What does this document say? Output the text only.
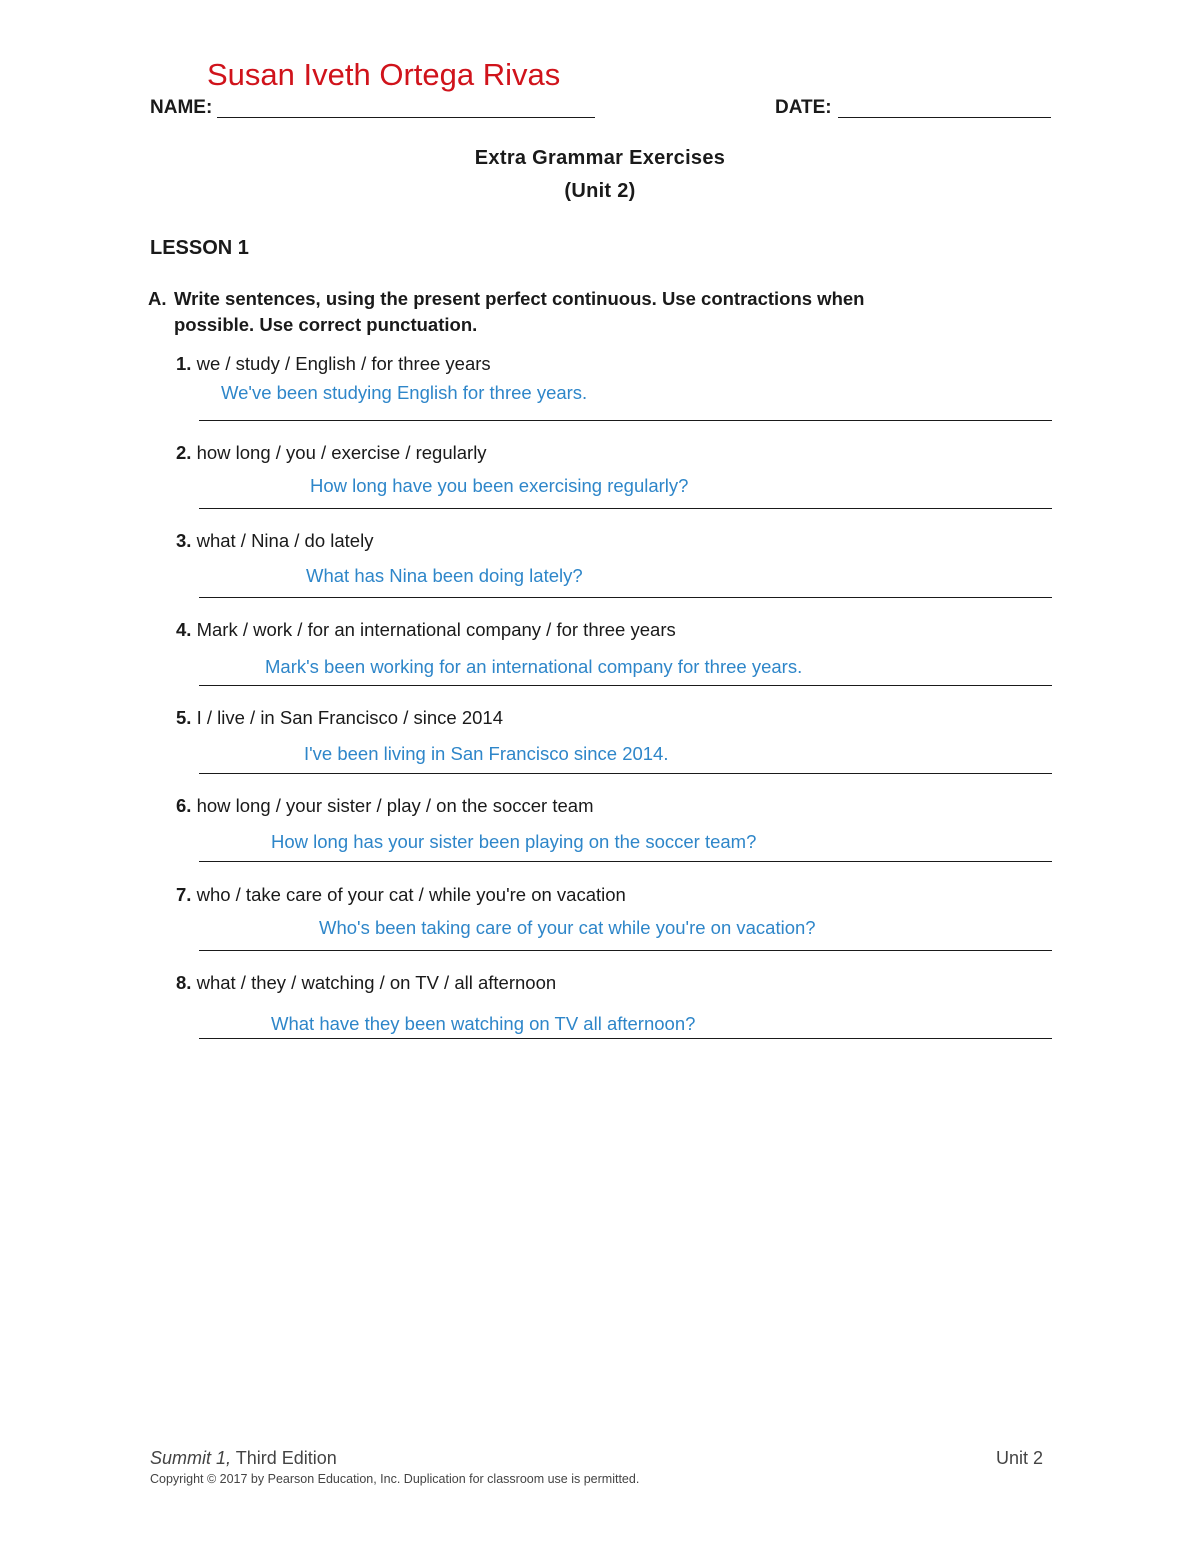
Susan Iveth Ortega Rivas
NAME:	DATE:
Extra Grammar Exercises
(Unit 2)
LESSON 1
A. Write sentences, using the present perfect continuous. Use contractions when
possible. Use correct punctuation.
1. we / study / English / for three years
We've been studying English for three years.
2. how long / you / exercise / regularly
How long have you been exercising regularly?
3. what / Nina / do lately
What has Nina been doing lately?
4. Mark / work / for an international company / for three years
Mark's been working for an international company for three years.
5. I / live / in San Francisco / since 2014
I've been living in San Francisco since 2014.
6. how long / your sister / play / on the soccer team
How long has your sister been playing on the soccer team?
7. who / take care of your cat / while you're on vacation
Who's been taking care of your cat while you're on vacation?
8. what / they / watching / on TV / all afternoon
What have they been watching on TV all afternoon?
Summit 1, Third Edition	Unit 2
Copyright © 2017 by Pearson Education, Inc. Duplication for classroom use is permitted.
